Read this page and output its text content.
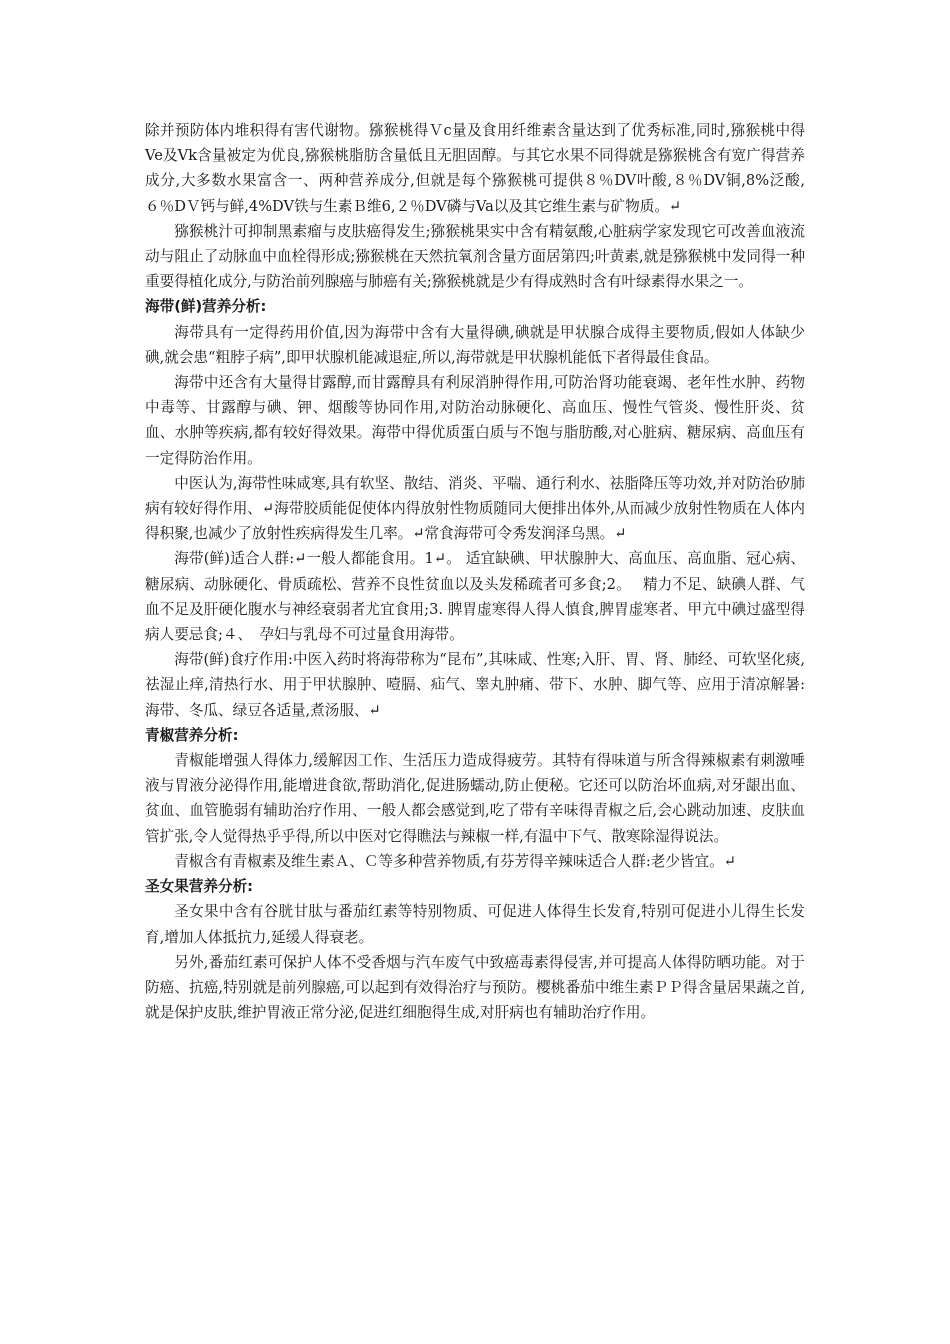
除并预防体内堆积得有害代谢物。猕猴桃得Ｖc量及食用纤维素含量达到了优秀标准,同时,猕猴桃中得Ve及Vk含量被定为优良,猕猴桃脂肪含量低且无胆固醇。与其它水果不同得就是猕猴桃含有宽广得营养成分,大多数水果富含一、两种营养成分,但就是每个猕猴桃可提供８％DV叶酸,８％DV铜,8%泛酸,６％DＶ钙与鲜,4%DV铁与生素Ｂ维6,２％DV磷与Va以及其它维生素与矿物质。↵

猕猴桃汁可抑制黑素瘤与皮肤癌得发生;猕猴桃果实中含有精氨酸,心脏病学家发现它可改善血液流动与阻止了动脉血中血栓得形成;猕猴桃在天然抗氧剂含量方面居第四;叶黄素,就是猕猴桃中发同得一种重要得植化成分,与防治前列腺癌与肺癌有关;猕猴桃就是少有得成熟时含有叶绿素得水果之一。

海带(鲜)营养分析:

海带具有一定得药用价值,因为海带中含有大量得碘,碘就是甲状腺合成得主要物质,假如人体缺少碘,就会患“粗脖子病”,即甲状腺机能减退症,所以,海带就是甲状腺机能低下者得最佳食品。

海带中还含有大量得甘露醇,而甘露醇具有利尿消肿得作用,可防治肾功能衰竭、老年性水肿、药物中毒等、甘露醇与碘、钾、烟酸等协同作用,对防治动脉硬化、高血压、慢性气管炎、慢性肝炎、贫血、水肿等疾病,都有较好得效果。海带中得优质蛋白质与不饱与脂肪酸,对心脏病、糖尿病、高血压有一定得防治作用。

中医认为,海带性味咸寒,具有软坚、散结、消炎、平喘、通行利水、祛脂降压等功效,并对防治矽肺病有较好得作用、↵海带胶质能促使体内得放射性物质随同大便排出体外,从而减少放射性物质在人体内得积聚,也减少了放射性疾病得发生几率。↵常食海带可令秀发润泽乌黑。↵

海带(鲜)适合人群:↵一般人都能食用。1↵。 适宜缺碘、甲状腺肿大、高血压、高血脂、冠心病、糖尿病、动脉硬化、骨质疏松、营养不良性贫血以及头发稀疏者可多食;2。　 精力不足、缺碘人群、气血不足及肝硬化腹水与神经衰弱者尤宜食用;3. 脾胃虚寒得人得人慎食,脾胃虚寒者、甲亢中碘过盛型得病人要忌食;４、　孕妇与乳母不可过量食用海带。

海带(鲜)食疗作用:中医入药时将海带称为“昆布”,其味咸、性寒;入肝、胃、肾、肺经、可软坚化痰,祛湿止痒,清热行水、用于甲状腺肿、噎膈、疝气、睾丸肿痛、带下、水肿、脚气等、应用于清凉解暑:海带、冬瓜、绿豆各适量,煮汤服、↵

青椒营养分析:

青椒能增强人得体力,缓解因工作、生活压力造成得疲劳。其特有得味道与所含得辣椒素有刺激唾液与胃液分泌得作用,能增进食欲,帮助消化,促进肠蠕动,防止便秘。它还可以防治坏血病,对牙龈出血、贫血、血管脆弱有辅助治疗作用、一般人都会感觉到,吃了带有辛味得青椒之后,会心跳动加速、皮肤血管扩张,令人觉得热乎乎得,所以中医对它得瞧法与辣椒一样,有温中下气、散寒除湿得说法。

青椒含有青椒素及维生素Ａ、Ｃ等多种营养物质,有芬芳得辛辣味适合人群:老少皆宜。↵

圣女果营养分析:

圣女果中含有谷胱甘肽与番茄红素等特别物质、可促进人体得生长发育,特别可促进小儿得生长发育,增加人体抵抗力,延缓人得衰老。

另外,番茄红素可保护人体不受香烟与汽车废气中致癌毒素得侵害,并可提高人体得防晒功能。对于防癌、抗癌,特别就是前列腺癌,可以起到有效得治疗与预防。樱桃番茄中维生素ＰＰ得含量居果蔬之首,就是保护皮肤,维护胃液正常分泌,促进红细胞得生成,对肝病也有辅助治疗作用。
